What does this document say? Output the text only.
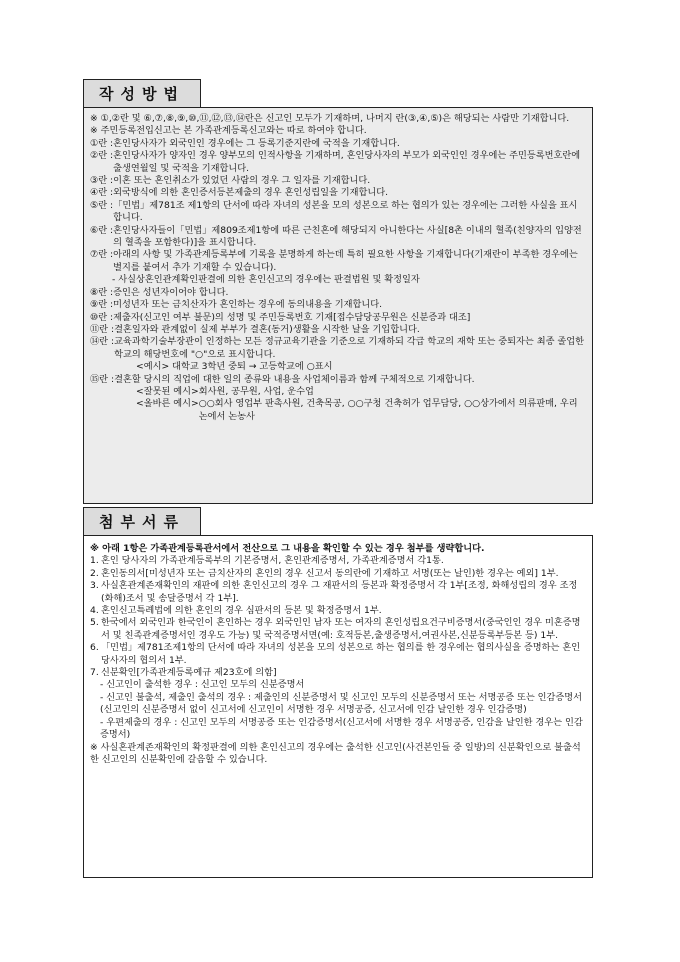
작성방법

※ ①,②란 및 ⑥,⑦,⑧,⑨,⑩,⑪,⑫,⑬,⑭란은 신고인 모두가 기재하며, 나머지 란(③,④,⑤)은 해당되는 사람만 기재합니다.

※ 주민등록전입신고는 본 가족관계등록신고와는 따로 하여야 합니다.

①란 : 혼인당사자가 외국인인 경우에는 그 등록기준지란에 국적을 기재합니다.
②란 : 혼인당사자가 양자인 경우 양부모의 인적사항을 기재하며, 혼인당사자의 부모가 외국인인 경우에는 주민등록번호란에 출생연월일 및 국적을 기재합니다.
③란 : 이혼 또는 혼인취소가 있었던 사람의 경우 그 일자를 기재합니다.
④란 : 외국방식에 의한 혼인증서등본제출의 경우 혼인성립일을 기재합니다.
⑤란 : 「민법」제781조 제1항의 단서에 따라 자녀의 성본을 모의 성본으로 하는 협의가 있는 경우에는 그러한 사실을 표시합니다.
⑥란 : 혼인당사자들이「민법」제809조제1항에 따른 근친혼에 해당되지 아니한다는 사실[8촌 이내의 혈족(친양자의 입양전의 혈족을 포함한다)]을 표시합니다.
⑦란 : 아래의 사항 및 가족관계등록부에 기록을 분명하게 하는데 특히 필요한 사항을 기재합니다(기재란이 부족한 경우에는 별지를 붙여서 추가 기재할 수 있습니다).
- 사실상혼인관계확인판결에 의한 혼인신고의 경우에는 판결법원 및 확정일자
⑧란 : 증인은 성년자이어야 합니다.
⑨란 : 미성년자 또는 금치산자가 혼인하는 경우에 동의내용을 기재합니다.
⑩란 : 제출자(신고인 여부 불문)의 성명 및 주민등록번호 기재[접수담당공무원은 신분증과 대조]
⑪란 : 결혼일자와 관계없이 실제 부부가 결혼(동거)생활을 시작한 날을 기입합니다.
⑭란 : 교육과학기술부장관이 인정하는 모든 정규교육기관을 기준으로 기재하되 각급 학교의 재학 또는 중퇴자는 최종 졸업한 학교의 해당번호에 "○"으로 표시합니다.
<예시> 대학교 3학년 중퇴 → 고등학교에 ○표시
⑮란 : 결혼할 당시의 직업에 대한 일의 종류와 내용을 사업체이름과 함께 구체적으로 기재합니다.
<잘못된 예시> 회사원, 공무원, 사업, 운수업
<올바른 예시> ○○회사 영업부 판촉사원, 건축목공, ○○구청 건축허가 업무담당, ○○상가에서 의류판매, 우리 논에서 논농사
첨부서류

※ 아래 1항은 가족관계등록관서에서 전산으로 그 내용을 확인할 수 있는 경우 첨부를 생략합니다.

1. 혼인 당사자의 가족관계등록부의 기본증명서, 혼인관계증명서, 가족관계증명서 각1통.
2. 혼인동의서[미성년자 또는 금치산자의 혼인의 경우 신고서 동의란에 기재하고 서명(또는 날인)한 경우는 예외] 1부.
3. 사실혼관계존재확인의 재판에 의한 혼인신고의 경우 그 재판서의 등본과 확정증명서 각 1부[조정, 화해성립의 경우 조정(화해)조서 및 송달증명서 각 1부].
4. 혼인신고특례법에 의한 혼인의 경우 심판서의 등본 및 확정증명서 1부.
5. 한국에서 외국인과 한국인이 혼인하는 경우 외국인인 남자 또는 여자의 혼인성립요건구비증명서(중국인인 경우 미혼증명서 및 친족관계증명서인 경우도 가능) 및 국적증명서면(예: 호적등본,출생증명서,여권사본,신분등록부등본 등) 1부.
6. 「민법」제781조제1항의 단서에 따라 자녀의 성본을 모의 성본으로 하는 협의를 한 경우에는 협의사실을 증명하는 혼인당사자의 협의서 1부.
7. 신분확인[가족관계등록예규 제23호에 의함]
- 신고인이 출석한 경우 : 신고인 모두의 신분증명서
- 신고인 불출석, 제출인 출석의 경우 : 제출인의 신분증명서 및 신고인 모두의 신분증명서 또는 서명공증 또는 인감증명서(신고인의 신분증명서 없이 신고서에 신고인이 서명한 경우 서명공증, 신고서에 인감 날인한 경우 인감증명)
- 우편제출의 경우 : 신고인 모두의 서명공증 또는 인감증명서(신고서에 서명한 경우 서명공증, 인감을 날인한 경우는 인감증명서)

※ 사실혼관계존재확인의 확정판결에 의한 혼인신고의 경우에는 출석한 신고인(사건본인들 중 일방)의 신분확인으로 불출석한 신고인의 신분확인에 갈음할 수 있습니다.
